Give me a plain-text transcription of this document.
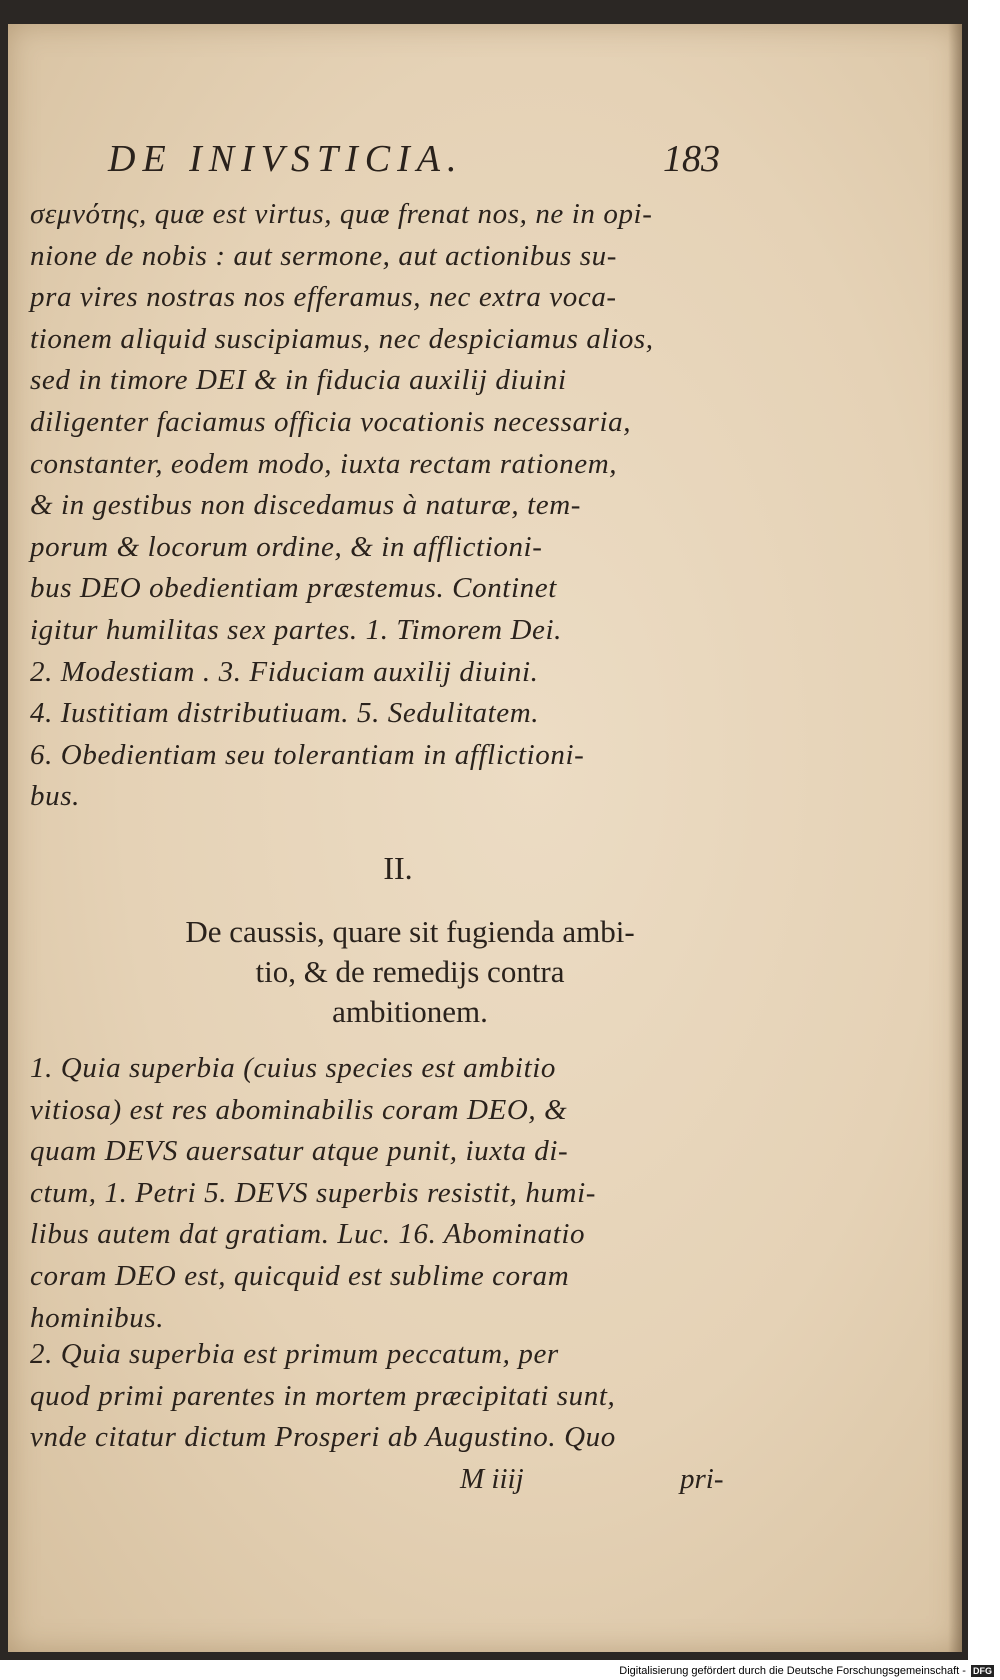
DE INIVSTICIA.	183
σεμνότης, quæ est virtus, quæ frenat nos, ne in opi-
nione de nobis : aut sermone, aut actionibus su-
pra vires nostras nos efferamus, nec extra voca-
tionem aliquid suscipiamus, nec despiciamus alios,
sed in timore DEI & in fiducia auxilij diuini
diligenter faciamus officia vocationis necessaria,
constanter, eodem modo, iuxta rectam rationem,
& in gestibus non discedamus à naturæ, tem-
porum & locorum ordine, & in afflictioni-
bus DEO obedientiam præstemus. Continet
igitur humilitas sex partes. 1. Timorem Dei.
2. Modestiam . 3. Fiduciam auxilij diuini.
4. Iustitiam distributiuam. 5. Sedulitatem.
6. Obedientiam seu tolerantiam in afflictioni-
bus.
II.
De caussis, quare sit fugienda ambi-
tio, & de remedijs contra
ambitionem.
1. Quia superbia (cuius species est ambitio
vitiosa) est res abominabilis coram DEO, &
quam DEVS auersatur atque punit, iuxta di-
ctum, 1. Petri 5. DEVS superbis resistit, humi-
libus autem dat gratiam. Luc. 16. Abominatio
coram DEO est, quicquid est sublime coram
hominibus.
2. Quia superbia est primum peccatum, per
quod primi parentes in mortem præcipitati sunt,
vnde citatur dictum Prosperi ab Augustino. Quo
M iiij	pri-
Digitalisierung gefördert durch die Deutsche Forschungsgemeinschaft - DFG
